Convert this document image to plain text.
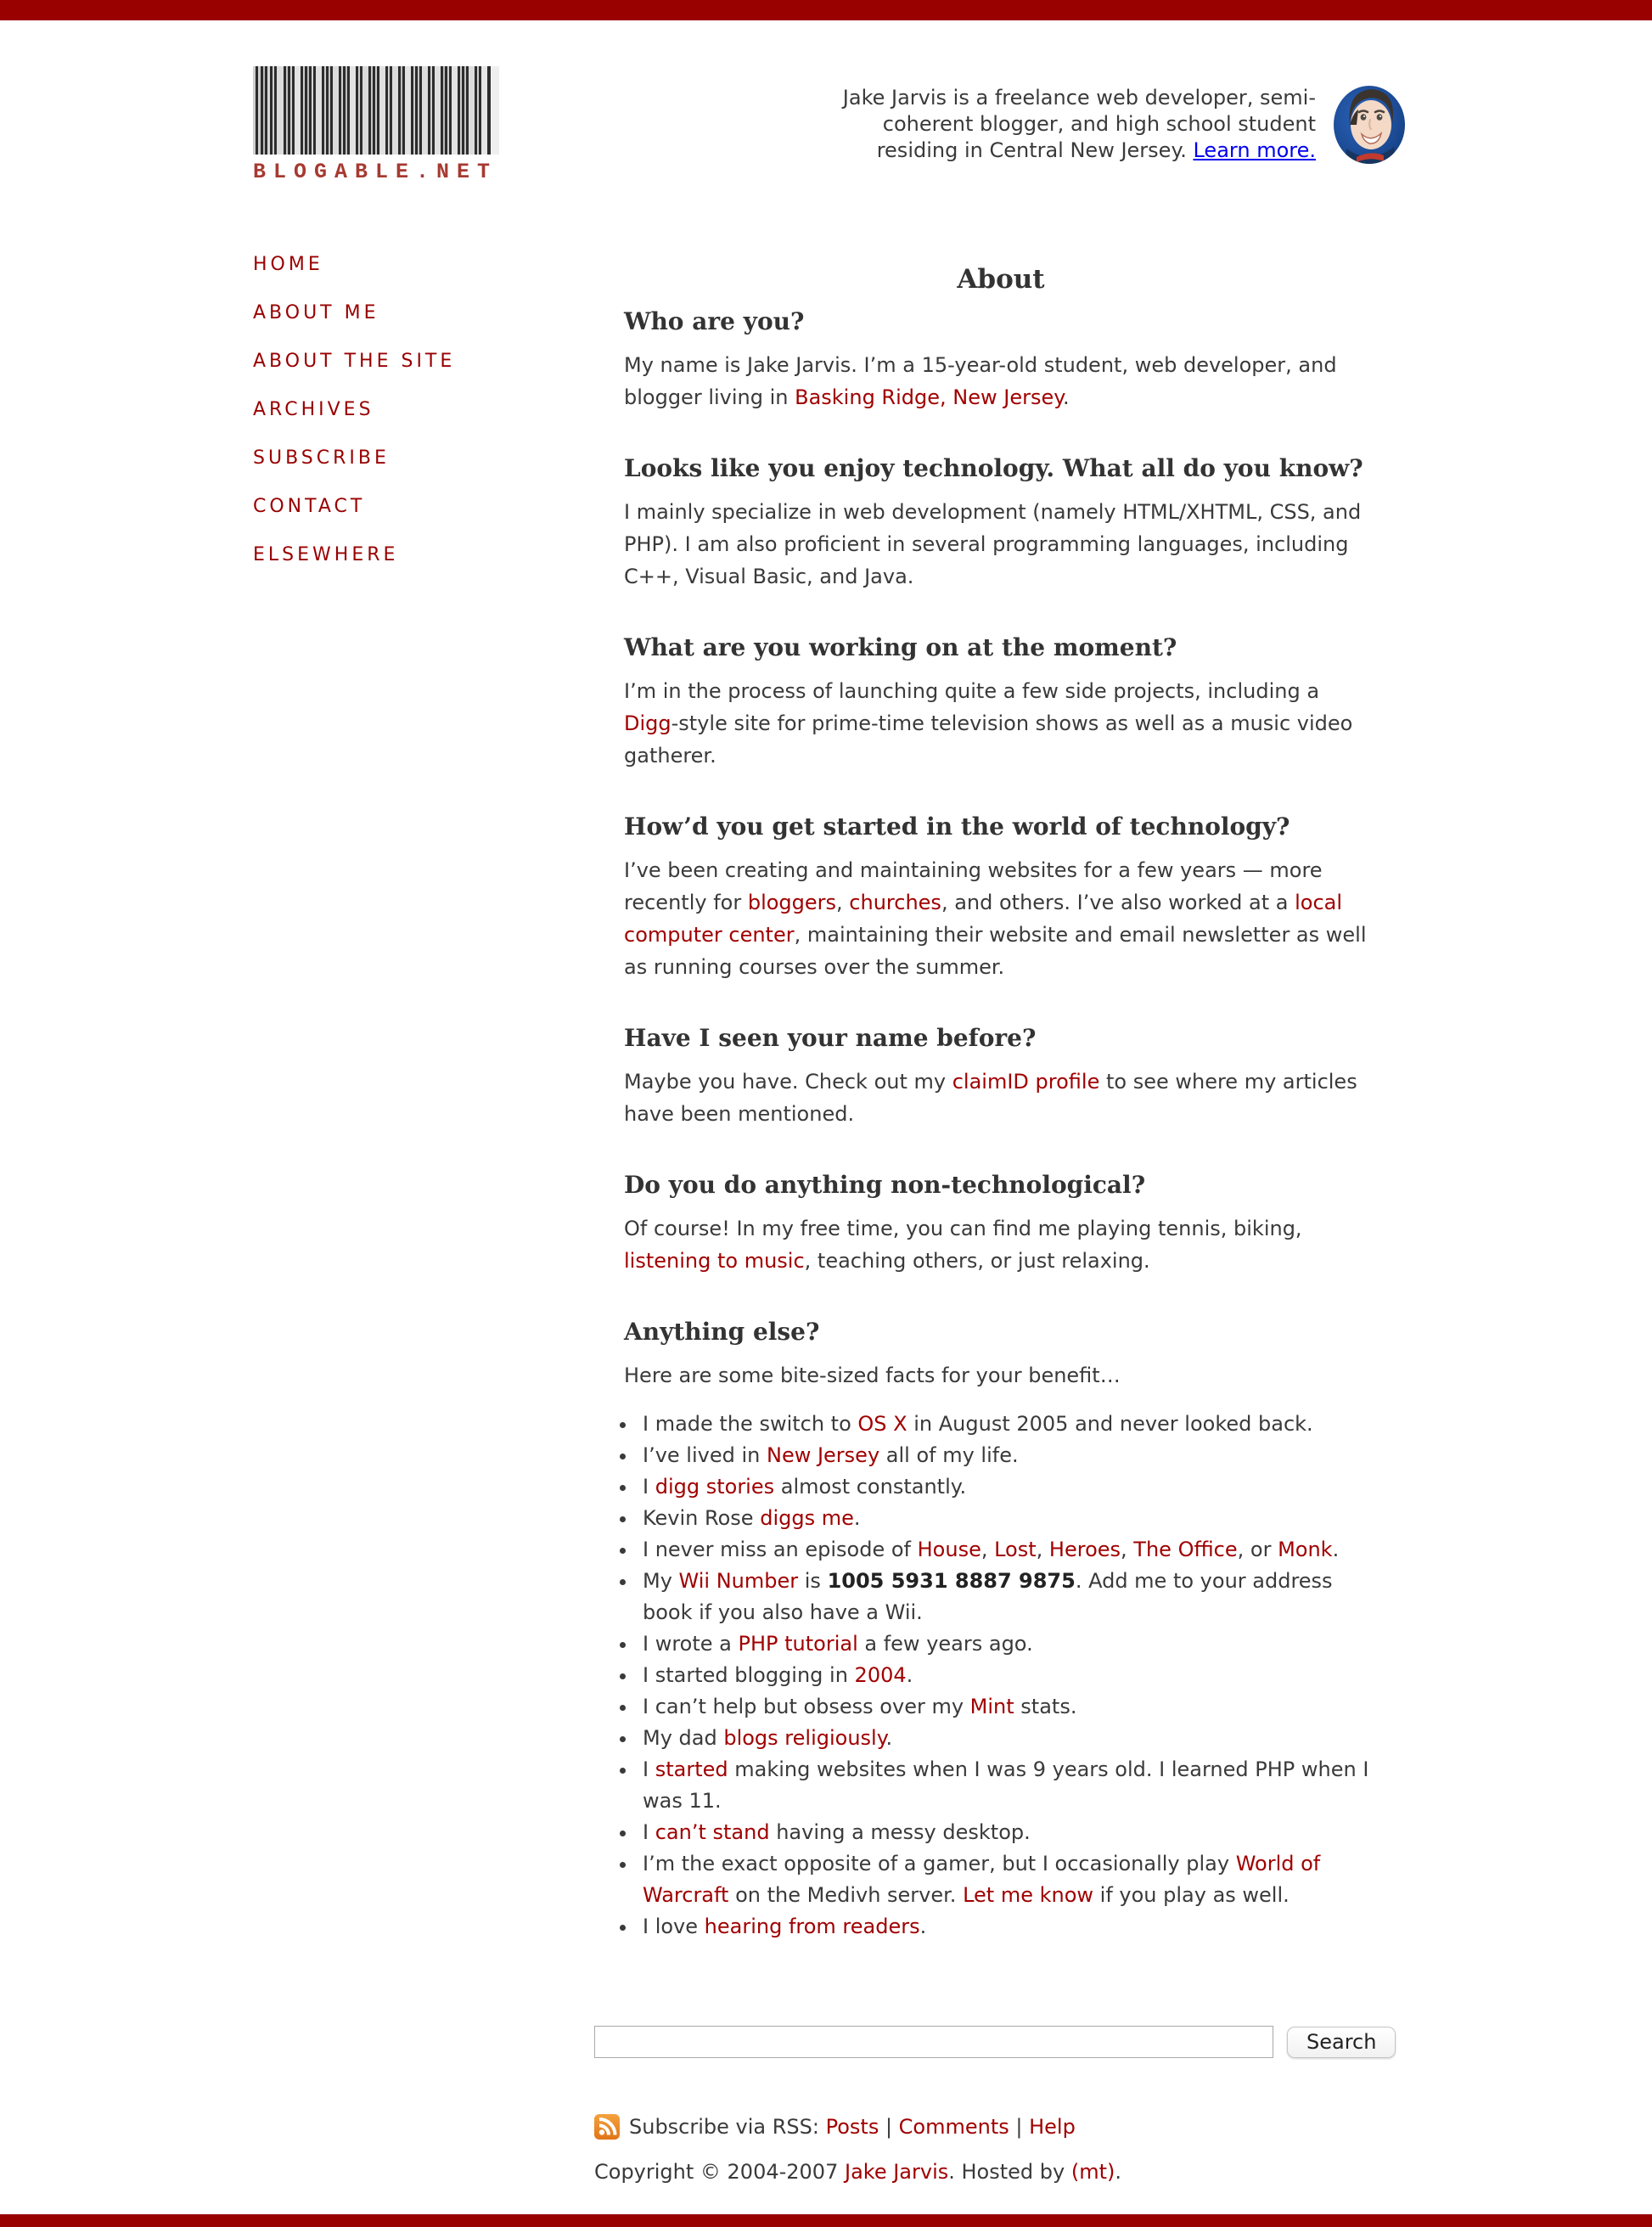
BLOGABLE.NET

Jake Jarvis is a freelance web developer, semi-coherent blogger, and high school student residing in Central New Jersey. Learn more.

HOME
ABOUT ME
ABOUT THE SITE
ARCHIVES
SUBSCRIBE
CONTACT
ELSEWHERE
About
Who are you?

My name is Jake Jarvis. I’m a 15-year-old student, web developer, and blogger living in Basking Ridge, New Jersey.

Looks like you enjoy technology. What all do you know?

I mainly specialize in web development (namely HTML/XHTML, CSS, and PHP). I am also proficient in several programming languages, including C++, Visual Basic, and Java.

What are you working on at the moment?

I’m in the process of launching quite a few side projects, including a Digg-style site for prime-time television shows as well as a music video gatherer.

How’d you get started in the world of technology?

I’ve been creating and maintaining websites for a few years — more recently for bloggers, churches, and others. I’ve also worked at a local computer center, maintaining their website and email newsletter as well as running courses over the summer.

Have I seen your name before?

Maybe you have. Check out my claimID profile to see where my articles have been mentioned.

Do you do anything non-technological?

Of course! In my free time, you can find me playing tennis, biking, listening to music, teaching others, or just relaxing.

Anything else?

Here are some bite-sized facts for your benefit…

• I made the switch to OS X in August 2005 and never looked back.
• I’ve lived in New Jersey all of my life.
• I digg stories almost constantly.
• Kevin Rose diggs me.
• I never miss an episode of House, Lost, Heroes, The Office, or Monk.
• My Wii Number is 1005 5931 8887 9875. Add me to your address book if you also have a Wii.
• I wrote a PHP tutorial a few years ago.
• I started blogging in 2004.
• I can’t help but obsess over my Mint stats.
• My dad blogs religiously.
• I started making websites when I was 9 years old. I learned PHP when I was 11.
• I can’t stand having a messy desktop.
• I’m the exact opposite of a gamer, but I occasionally play World of Warcraft on the Medivh server. Let me know if you play as well.
• I love hearing from readers.
Search
Subscribe via RSS: Posts | Comments | Help
Copyright © 2004-2007 Jake Jarvis. Hosted by (mt).
